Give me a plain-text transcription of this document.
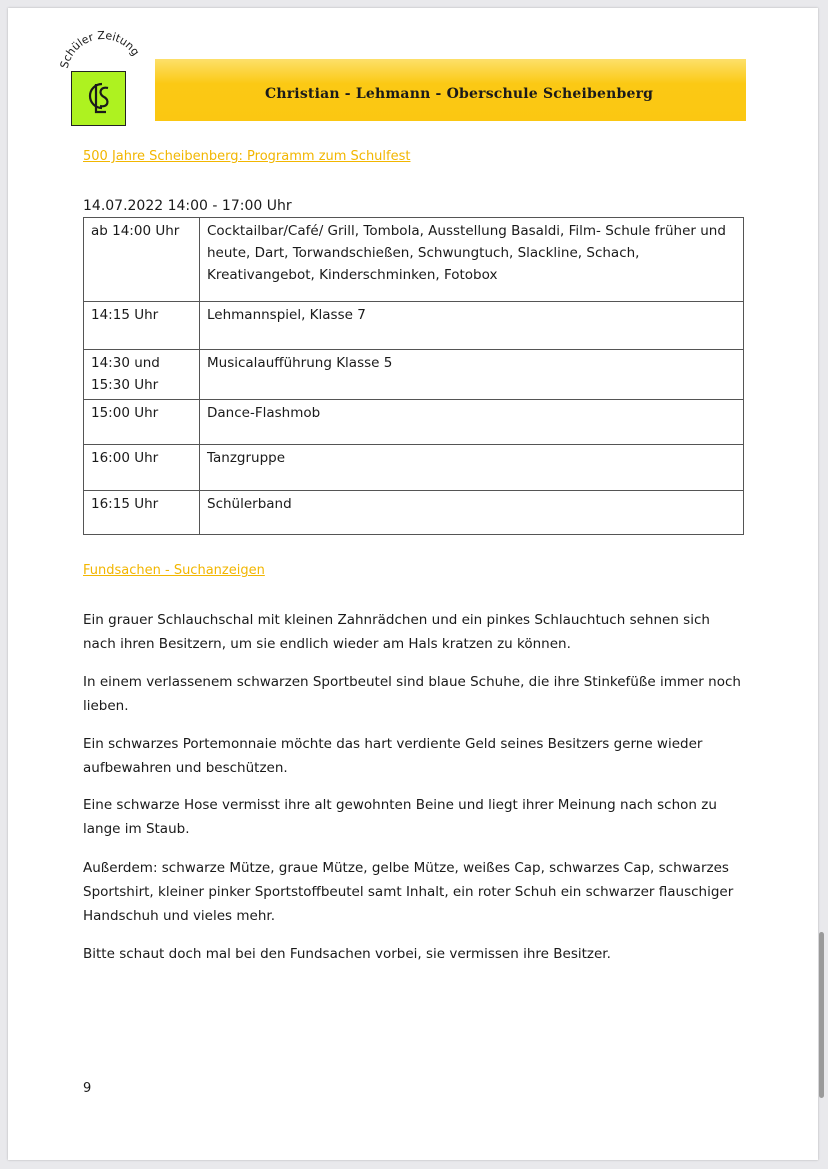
Schüler Zeitung
Christian - Lehmann - Oberschule Scheibenberg
500 Jahre Scheibenberg: Programm zum Schulfest
14.07.2022 14:00 - 17:00 Uhr
ab 14:00 Uhr	Cocktailbar/Café/ Grill, Tombola, Ausstellung Basaldi, Film- Schule früher und heute, Dart, Torwandschießen, Schwungtuch, Slackline, Schach, Kreativangebot, Kinderschminken, Fotobox
14:15 Uhr	Lehmannspiel, Klasse 7
14:30 und 15:30 Uhr	Musicalaufführung Klasse 5
15:00 Uhr	Dance-Flashmob
16:00 Uhr	Tanzgruppe
16:15 Uhr	Schülerband
Fundsachen - Suchanzeigen

Ein grauer Schlauchschal mit kleinen Zahnrädchen und ein pinkes Schlauchtuch sehnen sich nach ihren Besitzern, um sie endlich wieder am Hals kratzen zu können.

In einem verlassenem schwarzen Sportbeutel sind blaue Schuhe, die ihre Stinkefüße immer noch lieben.

Ein schwarzes Portemonnaie möchte das hart verdiente Geld seines Besitzers gerne wieder aufbewahren und beschützen.

Eine schwarze Hose vermisst ihre alt gewohnten Beine und liegt ihrer Meinung nach schon zu lange im Staub.

Außerdem: schwarze Mütze, graue Mütze, gelbe Mütze, weißes Cap, schwarzes Cap, schwarzes Sportshirt, kleiner pinker Sportstoffbeutel samt Inhalt, ein roter Schuh ein schwarzer flauschiger Handschuh und vieles mehr.

Bitte schaut doch mal bei den Fundsachen vorbei, sie vermissen ihre Besitzer.

9
